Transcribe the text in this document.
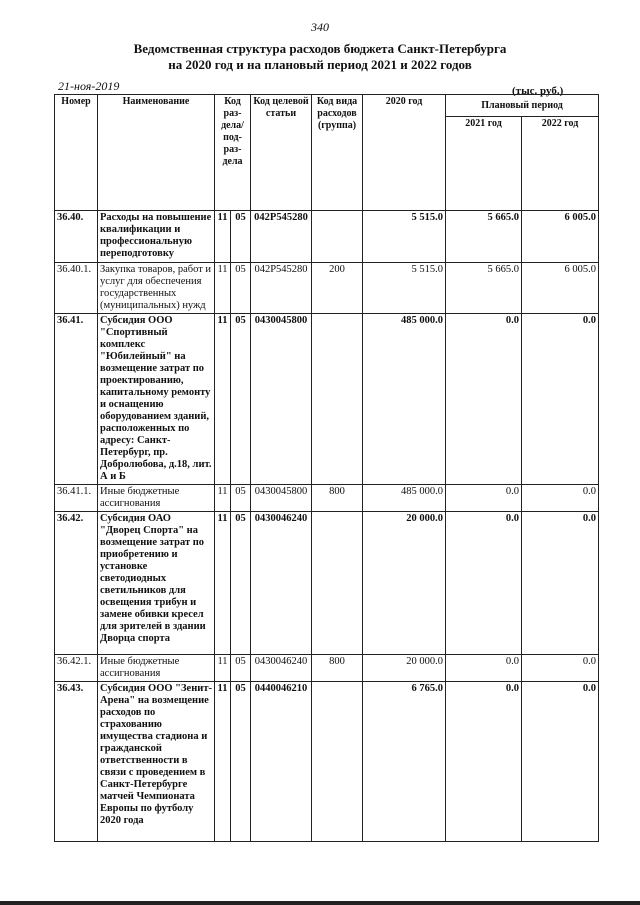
340
Ведомственная структура расходов бюджета Санкт-Петербурга
на 2020 год и на плановый период 2021 и 2022 годов
21-ноя-2019	(тыс. руб.)
Номер	Наименование	Код раз-дела/ под-раз-дела		Код целевой статьи	Код вида расходов (группа)	2020 год	Плановый период	
							2021 год	2022 год
36.40.	Расходы на повышение квалификации и профессиональную переподготовку	11	05	042P545280		5 515.0	5 665.0	6 005.0
36.40.1.	Закупка товаров, работ и услуг для обеспечения государственных (муниципальных) нужд	11	05	042P545280	200	5 515.0	5 665.0	6 005.0
36.41.	Субсидия ООО "Спортивный комплекс "Юбилейный" на возмещение затрат по проектированию, капитальному ремонту и оснащению оборудованием зданий, расположенных по адресу: Санкт-Петербург, пр. Добролюбова, д.18, лит. А и Б	11	05	0430045800		485 000.0	0.0	0.0
36.41.1.	Иные бюджетные ассигнования	11	05	0430045800	800	485 000.0	0.0	0.0
36.42.	Субсидия ОАО "Дворец Спорта" на возмещение затрат по приобретению и установке светодиодных светильников для освещения трибун и замене обивки кресел для зрителей в здании Дворца спорта	11	05	0430046240		20 000.0	0.0	0.0
36.42.1.	Иные бюджетные ассигнования	11	05	0430046240	800	20 000.0	0.0	0.0
36.43.	Субсидия ООО "Зенит-Арена" на возмещение расходов по страхованию имущества стадиона и гражданской ответственности в связи с проведением в Санкт-Петербурге матчей Чемпионата Европы по футболу 2020 года	11	05	0440046210		6 765.0	0.0	0.0
